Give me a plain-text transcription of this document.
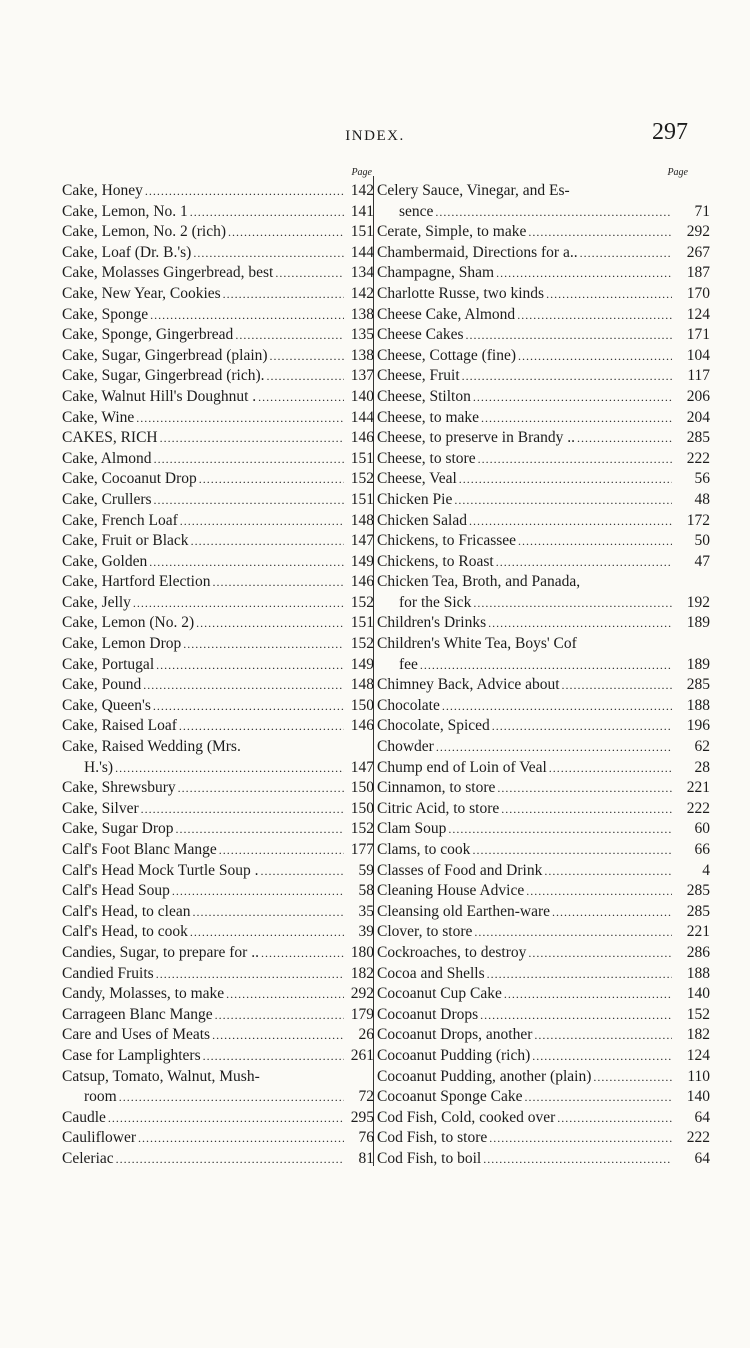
INDEX.	297
Page
Cake, Honey .....	142
Cake, Lemon, No. 1 .....	141
Cake, Lemon, No. 2 (rich) .....	151
Cake, Loaf (Dr. B.'s) .....	144
Cake, Molasses Gingerbread, best .....	134
Cake, New Year, Cookies .....	142
Cake, Sponge .....	138
Cake, Sponge, Gingerbread .....	135
Cake, Sugar, Gingerbread (plain) .....	138
Cake, Sugar, Gingerbread (rich). .....	137
Cake, Walnut Hill's Doughnut . .....	140
Cake, Wine .....	144
CAKES, RICH .....	146
Cake, Almond .....	151
Cake, Cocoanut Drop .....	152
Cake, Crullers .....	151
Cake, French Loaf .....	148
Cake, Fruit or Black .....	147
Cake, Golden .....	149
Cake, Hartford Election .....	146
Cake, Jelly .....	152
Cake, Lemon (No. 2) .....	151
Cake, Lemon Drop .....	152
Cake, Portugal .....	149
Cake, Pound .....	148
Cake, Queen's .....	150
Cake, Raised Loaf .....	146
Cake, Raised Wedding (Mrs.
H.'s) .....	147
Cake, Shrewsbury .....	150
Cake, Silver .....	150
Cake, Sugar Drop .....	152
Calf's Foot Blanc Mange .....	177
Calf's Head Mock Turtle Soup . .....	59
Calf's Head Soup .....	58
Calf's Head, to clean .....	35
Calf's Head, to cook .....	39
Candies, Sugar, to prepare for .. .....	180
Candied Fruits .....	182
Candy, Molasses, to make .....	292
Carrageen Blanc Mange .....	179
Care and Uses of Meats .....	26
Case for Lamplighters .....	261
Catsup, Tomato, Walnut, Mush-
room .....	72
Caudle .....	295
Cauliflower .....	76
Celeriac .....	81
Page
Celery Sauce, Vinegar, and Es-
sence .....	71
Cerate, Simple, to make .....	292
Chambermaid, Directions for a.. .....	267
Champagne, Sham .....	187
Charlotte Russe, two kinds .....	170
Cheese Cake, Almond .....	124
Cheese Cakes .....	171
Cheese, Cottage (fine) .....	104
Cheese, Fruit .....	117
Cheese, Stilton .....	206
Cheese, to make .....	204
Cheese, to preserve in Brandy .. .....	285
Cheese, to store .....	222
Cheese, Veal .....	56
Chicken Pie .....	48
Chicken Salad .....	172
Chickens, to Fricassee .....	50
Chickens, to Roast .....	47
Chicken Tea, Broth, and Panada,
for the Sick .....	192
Children's Drinks .....	189
Children's White Tea, Boys' Cof
fee .....	189
Chimney Back, Advice about .....	285
Chocolate .....	188
Chocolate, Spiced .....	196
Chowder .....	62
Chump end of Loin of Veal .....	28
Cinnamon, to store .....	221
Citric Acid, to store .....	222
Clam Soup .....	60
Clams, to cook .....	66
Classes of Food and Drink .....	4
Cleaning House Advice .....	285
Cleansing old Earthen-ware .....	285
Clover, to store .....	221
Cockroaches, to destroy .....	286
Cocoa and Shells .....	188
Cocoanut Cup Cake .....	140
Cocoanut Drops .....	152
Cocoanut Drops, another .....	182
Cocoanut Pudding (rich) .....	124
Cocoanut Pudding, another (plain) .....	110
Cocoanut Sponge Cake .....	140
Cod Fish, Cold, cooked over .....	64
Cod Fish, to store .....	222
Cod Fish, to boil .....	64
